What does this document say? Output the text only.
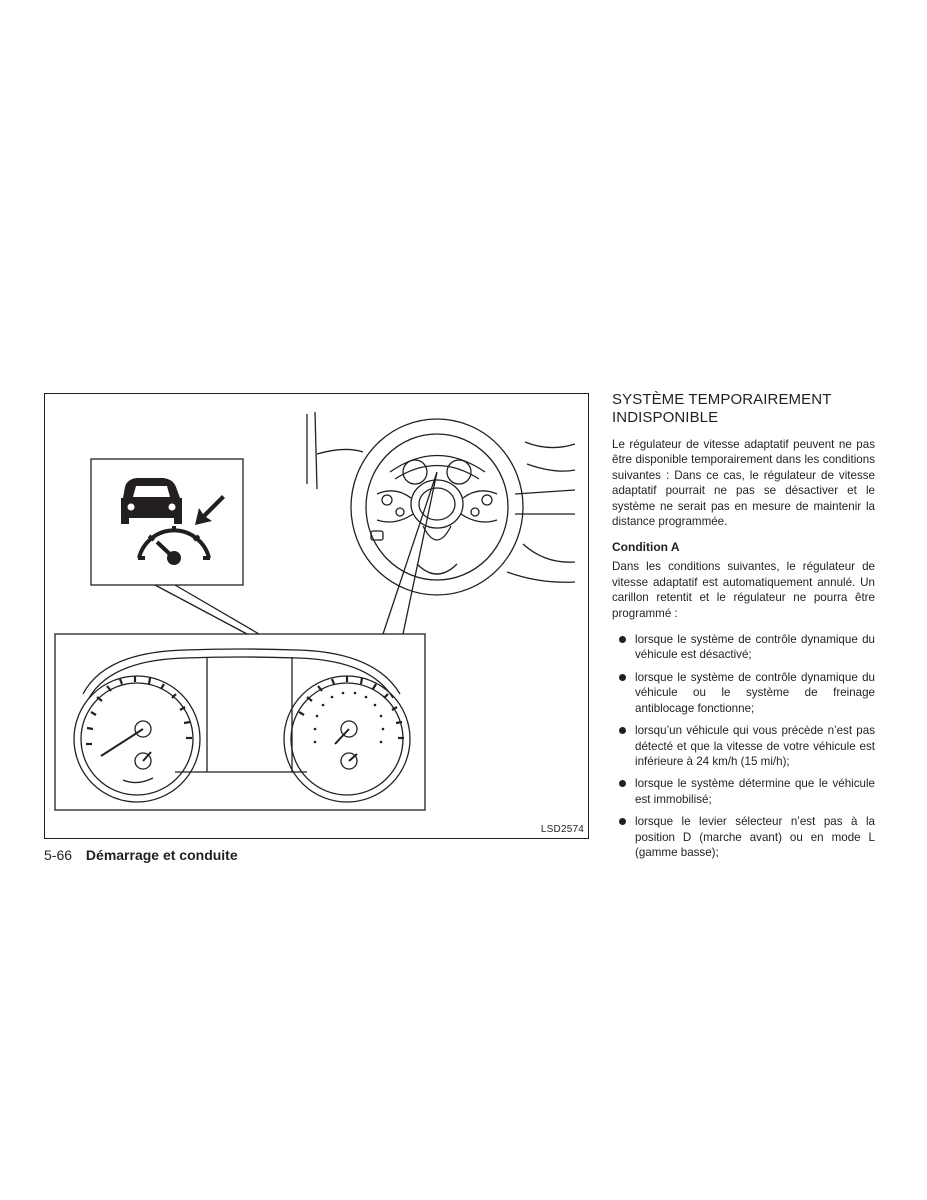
LSD2574
SYSTÈME TEMPORAIREMENT
INDISPONIBLE

Le régulateur de vitesse adaptatif peuvent ne pas être disponible temporairement dans les conditions suivantes : Dans ce cas, le régulateur de vitesse adaptatif pourrait ne pas se désactiver et le système ne serait pas en mesure de maintenir la distance programmée.

Condition A

Dans les conditions suivantes, le régulateur de vitesse adaptatif est automatiquement annulé. Un carillon retentit et le régulateur ne pourra être programmé :

lorsque le système de contrôle dynamique du véhicule est désactivé;
lorsque le système de contrôle dynamique du véhicule ou le système de freinage antiblocage fonctionne;
lorsqu’un véhicule qui vous précède n’est pas détecté et que la vitesse de votre véhicule est inférieure à 24 km/h (15 mi/h);
lorsque le système détermine que le véhicule est immobilisé;
lorsque le levier sélecteur n’est pas à la position D (marche avant) ou en mode L (gamme basse);
5-66 Démarrage et conduite
